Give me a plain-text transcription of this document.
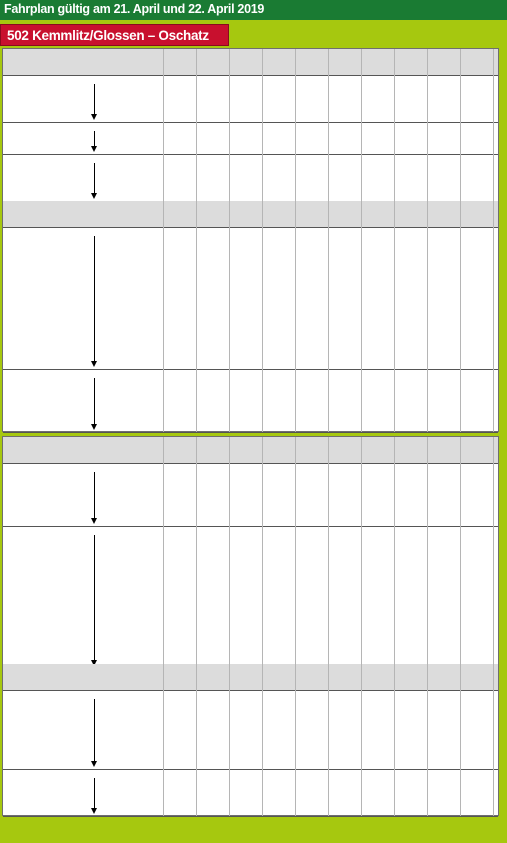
Fahrplan gültig am 21. April und 22. April 2019
502 Kemmlitz/Glossen – Oschatz
